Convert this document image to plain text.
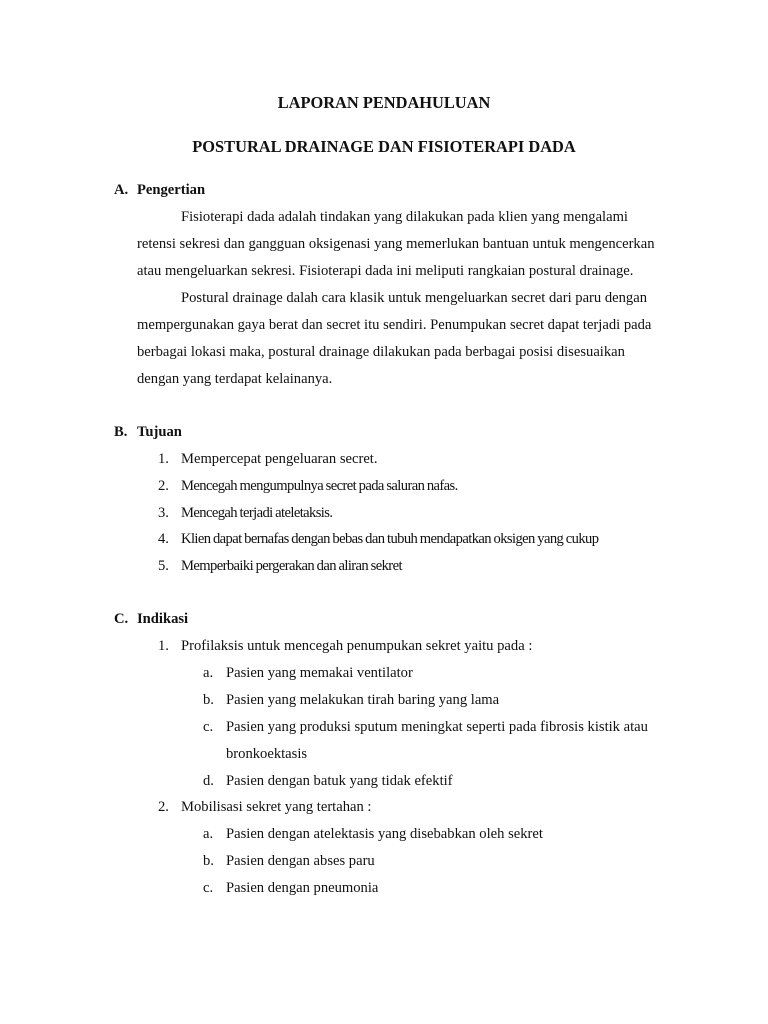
LAPORAN PENDAHULUAN
POSTURAL DRAINAGE DAN FISIOTERAPI DADA
A. Pengertian
Fisioterapi dada adalah tindakan yang dilakukan pada klien yang mengalami
retensi sekresi dan gangguan oksigenasi yang memerlukan bantuan untuk mengencerkan
atau mengeluarkan sekresi. Fisioterapi dada ini meliputi rangkaian postural drainage.
Postural drainage dalah cara klasik untuk mengeluarkan secret dari paru dengan
mempergunakan gaya berat dan secret itu sendiri. Penumpukan secret dapat terjadi pada
berbagai lokasi maka, postural drainage dilakukan pada berbagai posisi disesuaikan
dengan yang terdapat kelainanya.
B. Tujuan
1. Mempercepat pengeluaran secret.
2. Mencegah mengumpulnya secret pada saluran nafas.
3. Mencegah terjadi ateletaksis.
4. Klien dapat bernafas dengan bebas dan tubuh mendapatkan oksigen yang cukup
5. Memperbaiki pergerakan dan aliran sekret
C. Indikasi
1. Profilaksis untuk mencegah penumpukan sekret yaitu pada :
a. Pasien yang memakai ventilator
b. Pasien yang melakukan tirah baring yang lama
c. Pasien yang produksi sputum meningkat seperti pada fibrosis kistik atau
bronkoektasis
d. Pasien dengan batuk yang tidak efektif
2. Mobilisasi sekret yang tertahan :
a. Pasien dengan atelektasis yang disebabkan oleh sekret
b. Pasien dengan abses paru
c. Pasien dengan pneumonia
